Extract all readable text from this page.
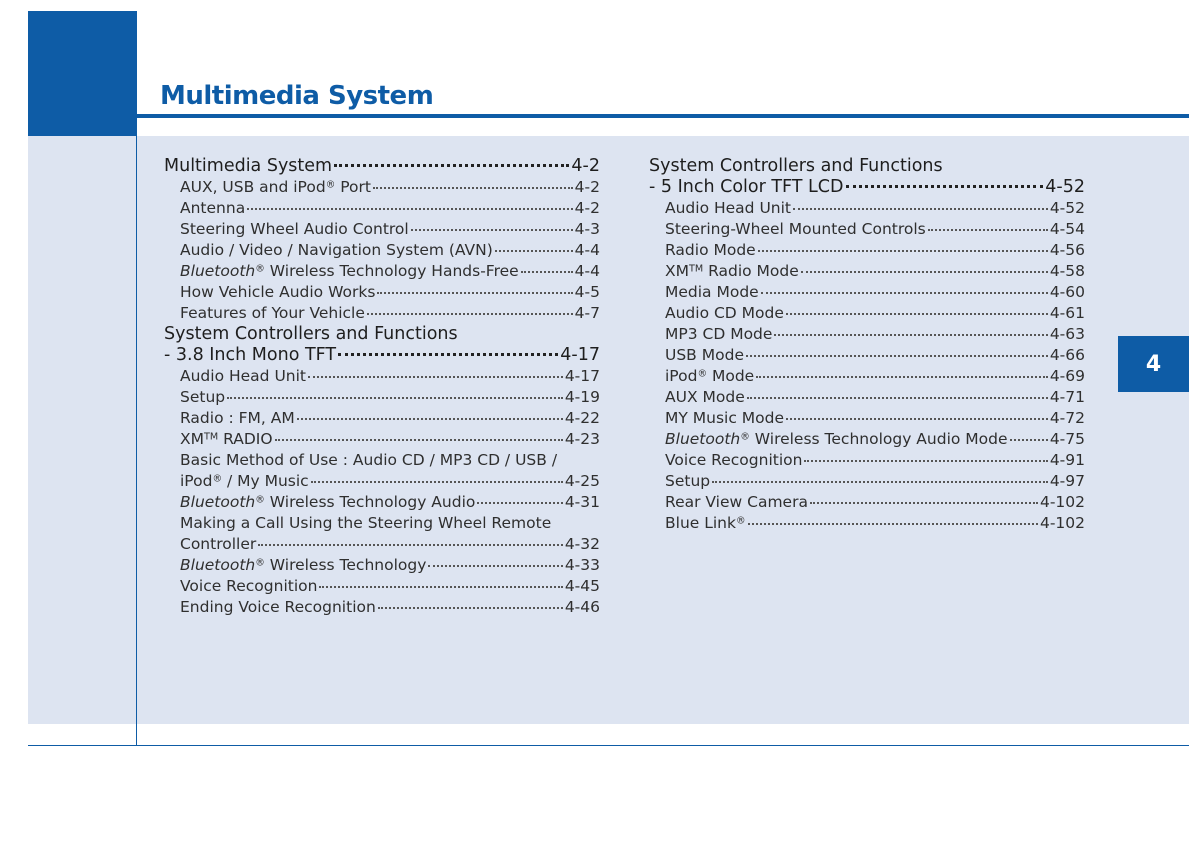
Multimedia System
4
Multimedia System	4-2
AUX, USB and iPod® Port	4-2
Antenna	4-2
Steering Wheel Audio Control	4-3
Audio / Video / Navigation System (AVN)	4-4
Bluetooth® Wireless Technology Hands-Free	4-4
How Vehicle Audio Works	4-5
Features of Your Vehicle	4-7
System Controllers and Functions
- 3.8 Inch Mono TFT	4-17
Audio Head Unit	4-17
Setup	4-19
Radio : FM, AM	4-22
XM™ RADIO	4-23
Basic Method of Use : Audio CD / MP3 CD / USB /
iPod® / My Music	4-25
Bluetooth® Wireless Technology Audio	4-31
Making a Call Using the Steering Wheel Remote
Controller	4-32
Bluetooth® Wireless Technology	4-33
Voice Recognition	4-45
Ending Voice Recognition	4-46
System Controllers and Functions
- 5 Inch Color TFT LCD	4-52
Audio Head Unit	4-52
Steering-Wheel Mounted Controls	4-54
Radio Mode	4-56
XM™ Radio Mode	4-58
Media Mode	4-60
Audio CD Mode	4-61
MP3 CD Mode	4-63
USB Mode	4-66
iPod® Mode	4-69
AUX Mode	4-71
MY Music Mode	4-72
Bluetooth® Wireless Technology Audio Mode	4-75
Voice Recognition	4-91
Setup	4-97
Rear View Camera	4-102
Blue Link®	4-102
